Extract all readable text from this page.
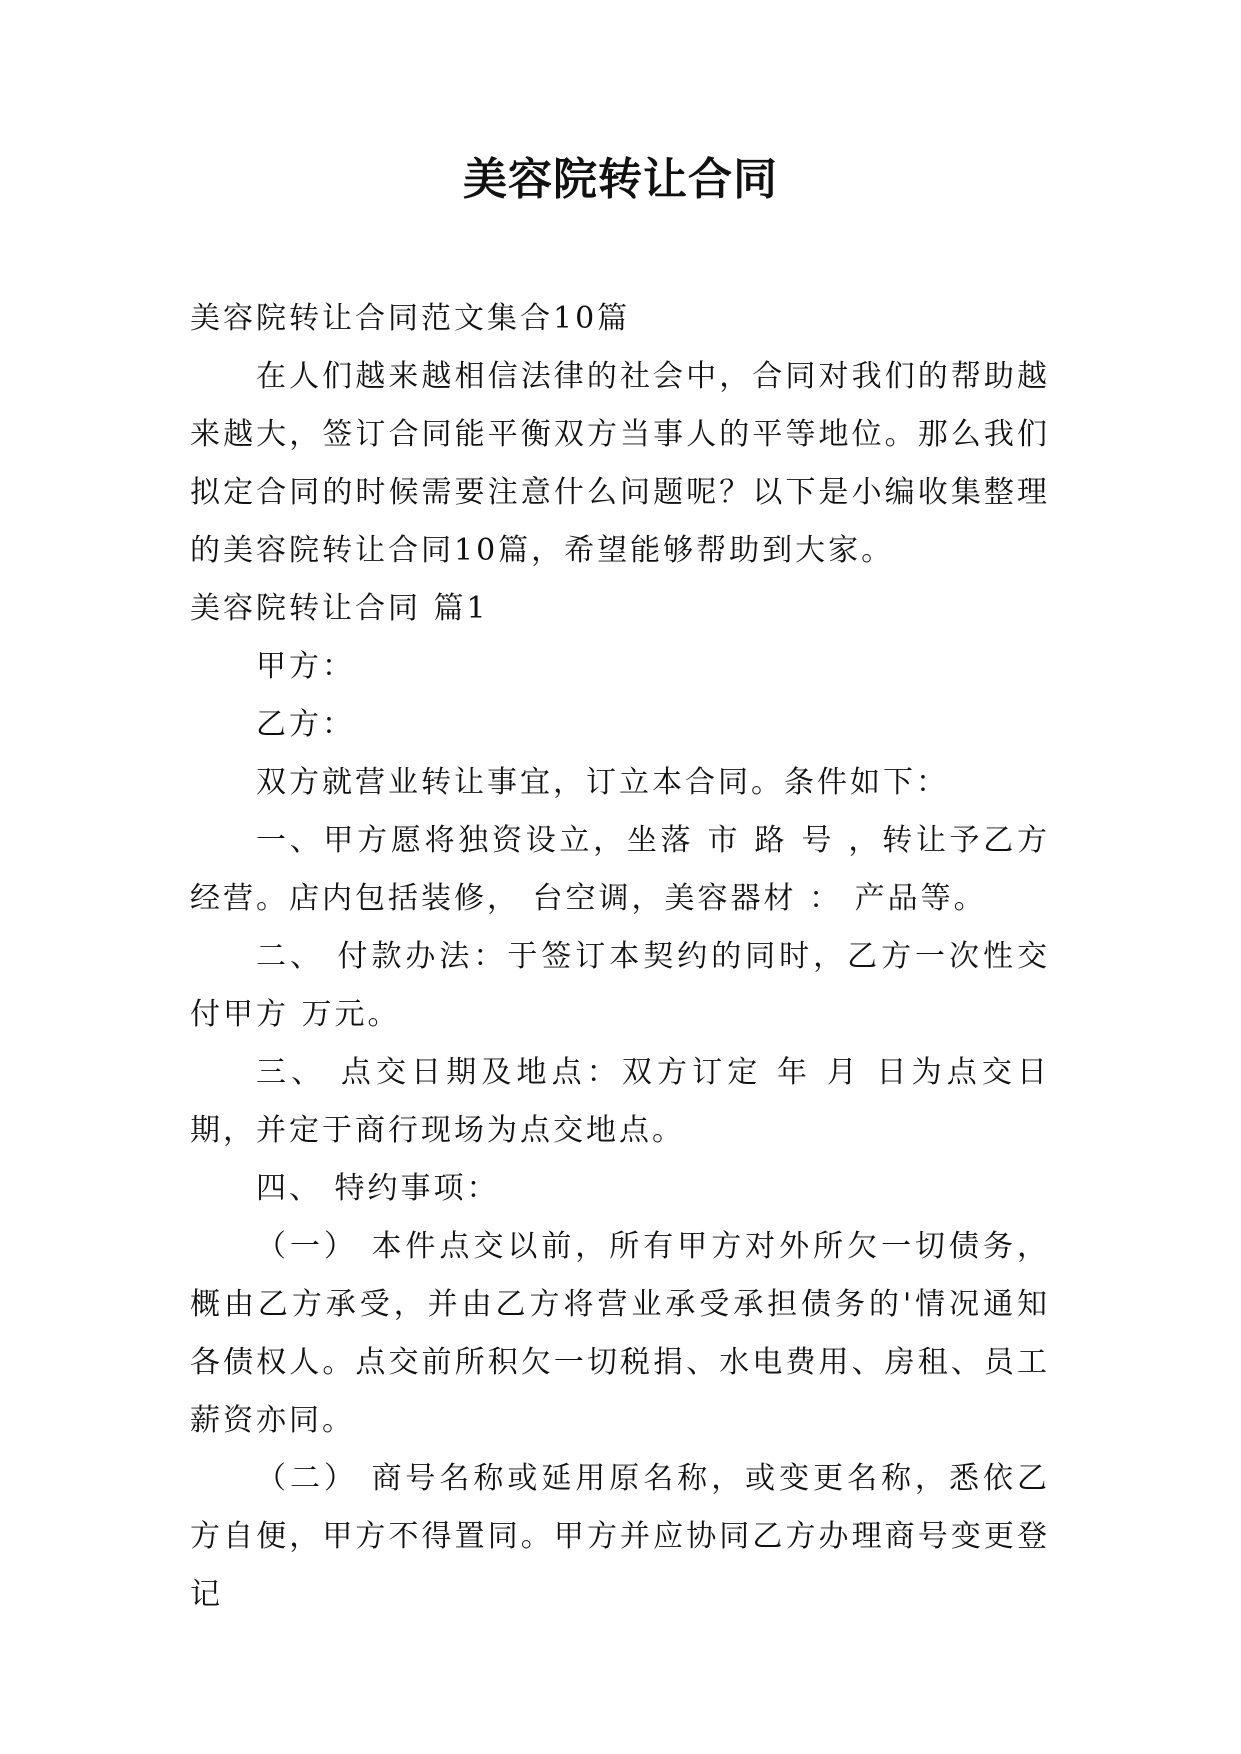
美容院转让合同

美容院转让合同范文集合10篇

在人们越来越相信法律的社会中，合同对我们的帮助越来越大，签订合同能平衡双方当事人的平等地位。那么我们拟定合同的时候需要注意什么问题呢？以下是小编收集整理的美容院转让合同10篇，希望能够帮助到大家。

美容院转让合同 篇1

甲方：

乙方：

双方就营业转让事宜，订立本合同。条件如下：

一、甲方愿将独资设立，坐落 市 路 号 ，转让予乙方经营。店内包括装修， 台空调，美容器材 ： 产品等。

二、 付款办法：于签订本契约的同时，乙方一次性交付甲方 万元。

三、 点交日期及地点：双方订定 年 月 日为点交日期，并定于商行现场为点交地点。

四、 特约事项：

（一） 本件点交以前，所有甲方对外所欠一切债务，概由乙方承受，并由乙方将营业承受承担债务的'情况通知各债权人。点交前所积欠一切税捐、水电费用、房租、员工薪资亦同。

（二） 商号名称或延用原名称，或变更名称，悉依乙方自便，甲方不得置同。甲方并应协同乙方办理商号变更登记
